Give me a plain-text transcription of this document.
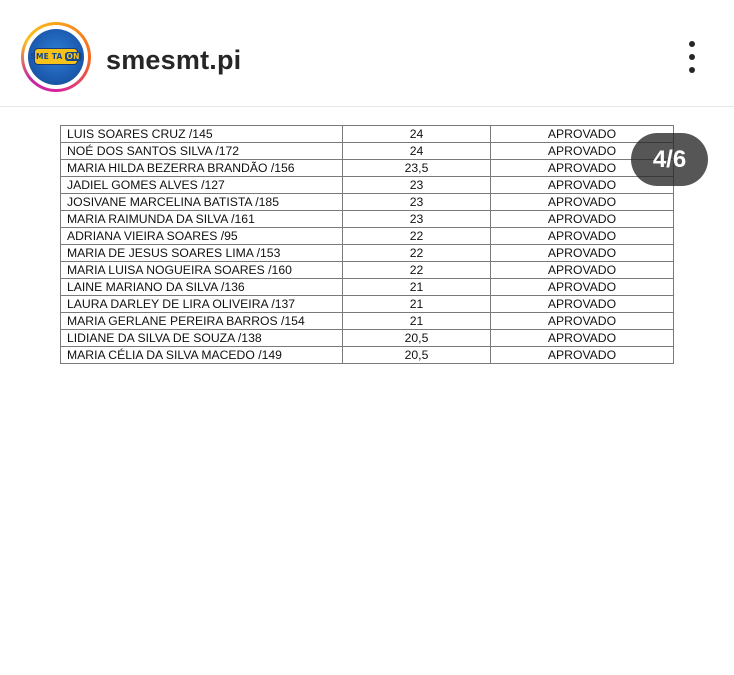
SME TA ON smesmt.pi
LUIS SOARES CRUZ /145	24	APROVADO
NOÉ DOS SANTOS SILVA /172	24	APROVADO
MARIA HILDA BEZERRA BRANDÃO /156	23,5	APROVADO
JADIEL GOMES ALVES /127	23	APROVADO
JOSIVANE MARCELINA BATISTA /185	23	APROVADO
MARIA RAIMUNDA DA SILVA /161	23	APROVADO
ADRIANA VIEIRA SOARES /95	22	APROVADO
MARIA DE JESUS SOARES LIMA /153	22	APROVADO
MARIA LUISA NOGUEIRA SOARES /160	22	APROVADO
LAINE MARIANO DA SILVA /136	21	APROVADO
LAURA DARLEY DE LIRA OLIVEIRA /137	21	APROVADO
MARIA GERLANE PEREIRA BARROS /154	21	APROVADO
LIDIANE DA SILVA DE SOUZA /138	20,5	APROVADO
MARIA CÉLIA DA SILVA MACEDO /149	20,5	APROVADO
4/6
